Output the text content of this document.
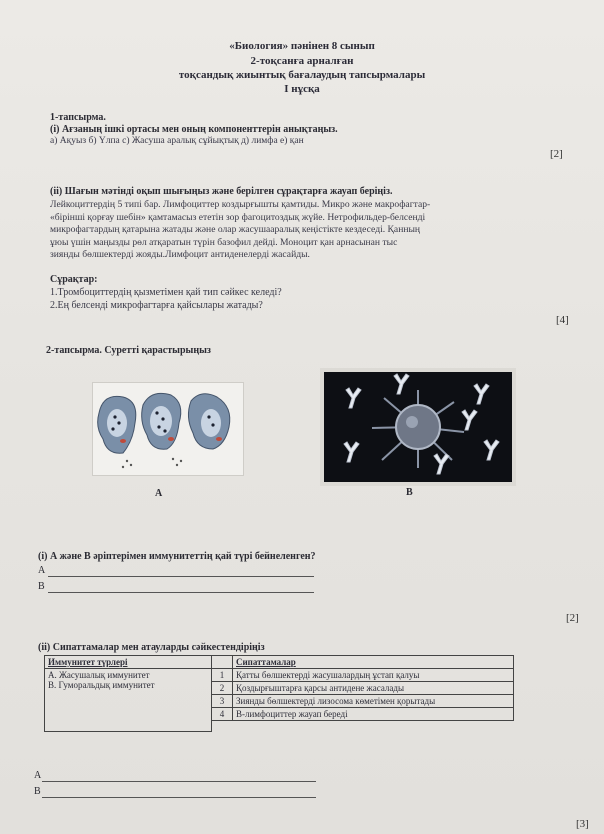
«Биология» пәнінен 8 сынып
2-тоқсанға арналған
тоқсандық жиынтық бағалаудың тапсырмалары
І нұсқа
1-тапсырма.
(і) Ағзаның ішкі ортасы мен оның компоненттерін анықтаңыз.
а) Ақуыз б) Үлпа с) Жасуша аралық сұйықтық д) лимфа е) қан
[2]
(іі) Шағын мәтінді оқып шығыңыз және берілген сұрақтарға жауап беріңіз.
Лейкоциттердің 5 типі бар. Лимфоциттер коздырғышты қамтиды. Микро және макрофагтар-
«біріншi қорғау шебін» қамтамасыз ететін зор фагоцитоздық жүйе. Нетрофильдер-белсенді
микрофагтардың қатарына жатады және олар жасушааралық кеңістікте кездеседі. Қанның
ұюы үшін маңызды рөл атқаратын түрін базофил дейді. Моноцит қан арнасынан тыс
зиянды бөлшектерді жояды.Лимфоцит антиденелерді жасайды.
Сұрақтар:
1.Тромбоциттердің қызметімен қай тип сәйкес келеді?
2.Ең белсенді микрофагтарға қайсылары жатады?
[4]
2-тапсырма. Суретті қарастырыңыз
A	B
(і) А және В әріптерімен иммунитеттің қай түрі бейнеленген?
A
B
[2]
(іі) Сипаттамалар мен атауларды сәйкестендіріңіз
Иммунитет түрлері		Сипаттамалар

А. Жасушалық иммунитет
В. Гуморальдық иммунитет	1	Қатты бөлшектерді жасушалардың ұстап қалуы
	2	Қоздырғыштарға қарсы антидене жасалады
	3	Зиянды бөлшектерді лизосома көметімен қорытады
	4	В-лимфоциттер жауап береді

A
B
[3]
